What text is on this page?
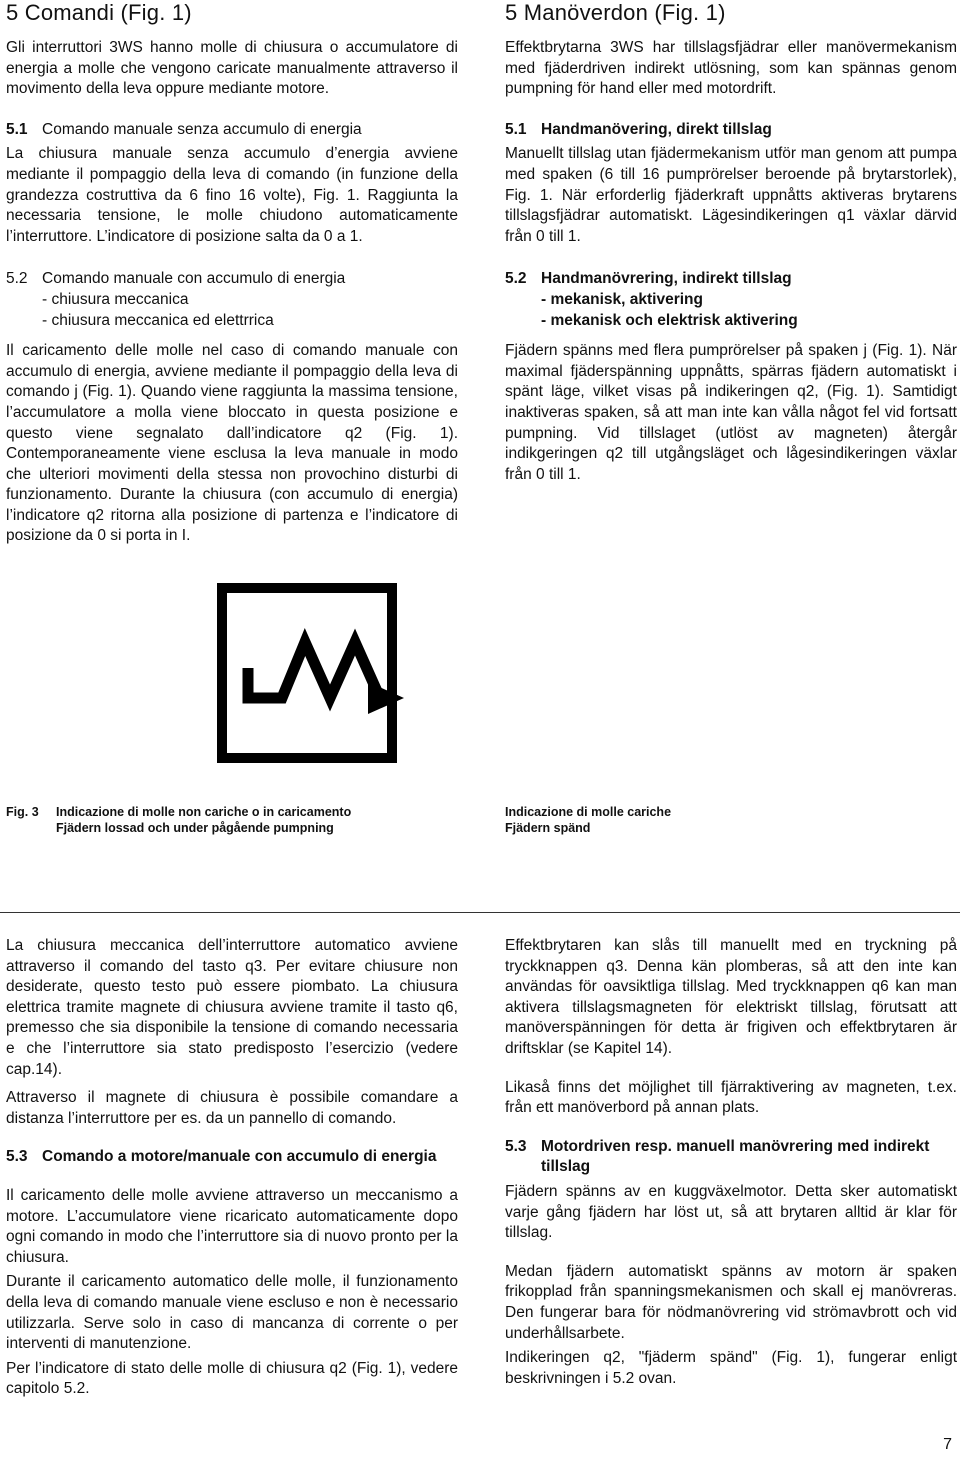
5 Comandi (Fig. 1)

Gli interruttori 3WS hanno molle di chiusura o accumulatore di energia a molle che vengono caricate manualmente attraverso il movimento della leva oppure mediante motore.

5.1 Comando manuale senza accumulo di energia

La chiusura manuale senza accumulo d’energia avviene mediante il pompaggio della leva di comando (in funzione della grandezza costruttiva da 6 fino 16 volte), Fig. 1. Raggiunta la necessaria tensione, le molle chiudono automaticamente l’interruttore. L’indicatore di posizione salta da 0 a 1.

5.2 Comando manuale con accumulo di energia
- chiusura meccanica
- chiusura meccanica ed elettrrica

Il caricamento delle molle nel caso di comando manuale con accumulo di energia, avviene mediante il pompaggio della leva di comando j (Fig. 1). Quando viene raggiunta la massima tensione, l’accumulatore a molla viene bloccato in questa posizione e questo viene segnalato dall’indicatore q2 (Fig. 1). Contemporaneamente viene esclusa la leva manuale in modo che ulteriori movimenti della stessa non provochino disturbi di funzionamento. Durante la chiusura (con accumulo di energia) l’indicatore q2 ritorna alla posizione di partenza e l’indicatore di posizione da 0 si porta in I.

5 Manöverdon (Fig. 1)

Effektbrytarna 3WS har tillslagsfjädrar eller manövermekanism med fjäderdriven indirekt utlösning, som kan spännas genom pumpning för hand eller med motordrift.

5.1 Handmanövering, direkt tillslag

Manuellt tillslag utan fjädermekanism utför man genom att pumpa med spaken (6 till 16 pumprörelser beroende på brytarstorlek), Fig. 1. När erforderlig fjäderkraft uppnåtts aktiveras brytarens tillslagsfjädrar automatiskt. Lägesindikeringen q1 växlar därvid från 0 till 1.

5.2 Handmanövrering, indirekt tillslag
- mekanisk, aktivering
- mekanisk och elektrisk aktivering

Fjädern spänns med flera pumprörelser på spaken j (Fig. 1). När maximal fjäderspänning uppnåtts, spärras fjädern automatiskt i spänt läge, vilket visas på indikeringen q2, (Fig. 1). Samtidigt inaktiveras spaken, så att man inte kan vålla något fel vid fortsatt pumpning. Vid tillslaget (utlöst av magneten) återgår indikgeringen q2 till utgångsläget och lågesindikeringen växlar från 0 till 1.

Fig. 3 Indicazione di molle non cariche o in caricamento
Fjädern lossad och under pågående pumpning
Indicazione di molle cariche
Fjädern spänd

La chiusura meccanica dell’interruttore automatico avviene attraverso il comando del tasto q3. Per evitare chiusure non desiderate, questo testo può essere piombato. La chiusura elettrica tramite magnete di chiusura avviene tramite il tasto q6, premesso che sia disponibile la tensione di comando necessaria e che l’interruttore sia stato predisposto l’esercizio (vedere cap.14).

Attraverso il magnete di chiusura è possibile comandare a distanza l’interruttore per es. da un pannello di comando.

5.3 Comando a motore/manuale con accumulo di energia

Il caricamento delle molle avviene attraverso un meccanismo a motore. L’accumulatore viene ricaricato automaticamente dopo ogni comando in modo che l’interruttore sia di nuovo pronto per la chiusura.

Durante il caricamento automatico delle molle, il funzionamento della leva di comando manuale viene escluso e non è necessario utilizzarla. Serve solo in caso di mancanza di corrente o per interventi di manutenzione.

Per l’indicatore di stato delle molle di chiusura q2 (Fig. 1), vedere capitolo 5.2.

Effektbrytaren kan slås till manuellt med en tryckning på tryckknappen q3. Denna kän plomberas, så att den inte kan användas för oavsiktliga tillslag. Med tryckknappen q6 kan man aktivera tillslagsmagneten för elektriskt tillslag, förutsatt att manöverspänningen för detta är frigiven och effektbrytaren är driftsklar (se Kapitel 14).

Likaså finns det möjlighet till fjärraktivering av magneten, t.ex. från ett manöverbord på annan plats.

5.3 Motordriven resp. manuell manövrering med indirekt tillslag

Fjädern spänns av en kuggväxelmotor. Detta sker automatiskt varje gång fjädern har löst ut, så att brytaren alltid är klar för tillslag.

Medan fjädern automatiskt spänns av motorn är spaken frikopplad från spanningsmekanismen och skall ej manövreras. Den fungerar bara för nödmanövrering vid strömavbrott och vid underhållsarbete.

Indikeringen q2, "fjäderm spänd" (Fig. 1), fungerar enligt beskrivningen i 5.2 ovan.

7
